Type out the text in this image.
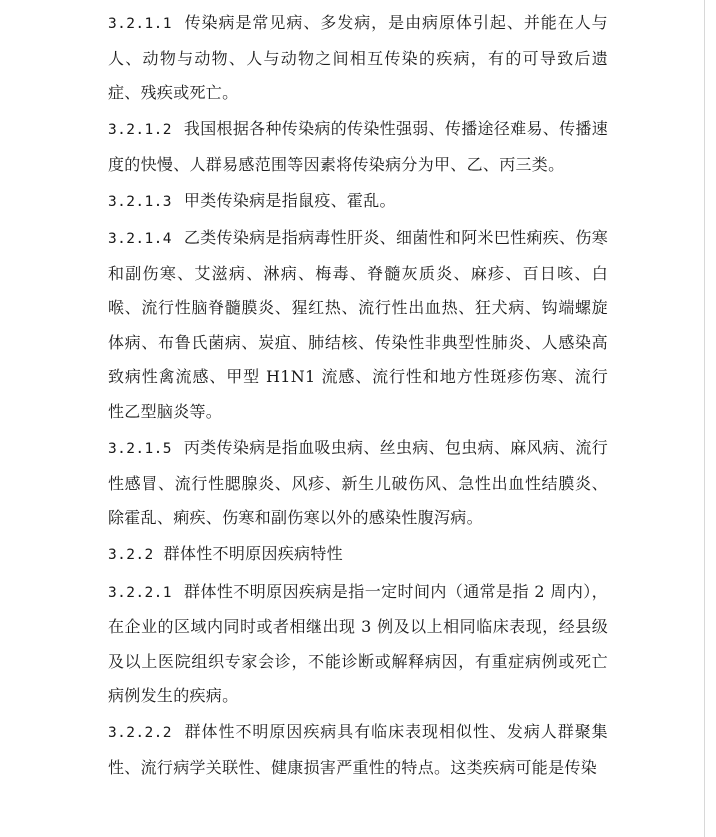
3.2.1.1 传染病是常见病、多发病，是由病原体引起、并能在人与人、动物与动物、人与动物之间相互传染的疾病，有的可导致后遗症、残疾或死亡。

3.2.1.2 我国根据各种传染病的传染性强弱、传播途径难易、传播速度的快慢、人群易感范围等因素将传染病分为甲、乙、丙三类。

3.2.1.3 甲类传染病是指鼠疫、霍乱。

3.2.1.4 乙类传染病是指病毒性肝炎、细菌性和阿米巴性痢疾、伤寒和副伤寒、艾滋病、淋病、梅毒、脊髓灰质炎、麻疹、百日咳、白喉、流行性脑脊髓膜炎、猩红热、流行性出血热、狂犬病、钩端螺旋体病、布鲁氏菌病、炭疽、肺结核、传染性非典型性肺炎、人感染高致病性禽流感、甲型 H1N1 流感、流行性和地方性斑疹伤寒、流行性乙型脑炎等。

3.2.1.5 丙类传染病是指血吸虫病、丝虫病、包虫病、麻风病、流行性感冒、流行性腮腺炎、风疹、新生儿破伤风、急性出血性结膜炎、除霍乱、痢疾、伤寒和副伤寒以外的感染性腹泻病。

3.2.2 群体性不明原因疾病特性

3.2.2.1 群体性不明原因疾病是指一定时间内（通常是指 2 周内），在企业的区域内同时或者相继出现 3 例及以上相同临床表现，经县级及以上医院组织专家会诊，不能诊断或解释病因，有重症病例或死亡病例发生的疾病。

3.2.2.2 群体性不明原因疾病具有临床表现相似性、发病人群聚集性、流行病学关联性、健康损害严重性的特点。这类疾病可能是传染
